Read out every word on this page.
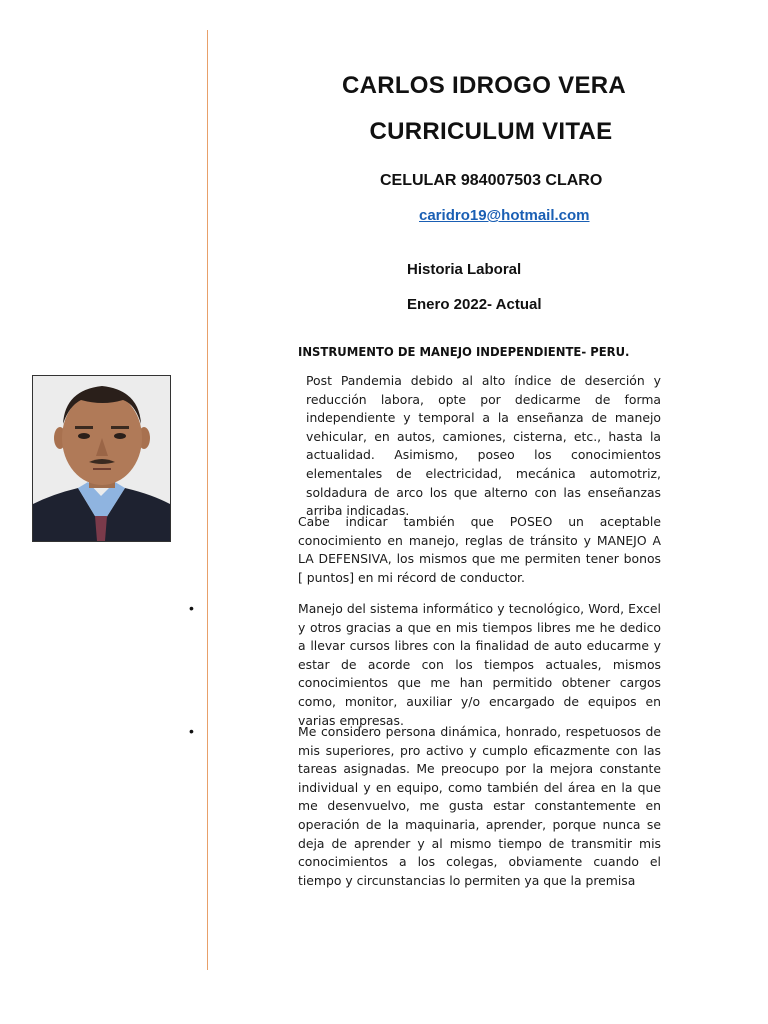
CARLOS IDROGO VERA
CURRICULUM VITAE
CELULAR 984007503 CLARO
caridro19@hotmail.com
Historia Laboral
Enero 2022- Actual
INSTRUMENTO DE MANEJO INDEPENDIENTE- PERU.
Post Pandemia debido al alto índice de deserción y reducción labora, opte por dedicarme de forma independiente y temporal a la enseñanza de manejo vehicular, en autos, camiones, cisterna, etc., hasta la actualidad. Asimismo, poseo los conocimientos elementales de electricidad, mecánica automotriz, soldadura de arco los que alterno con las enseñanzas arriba indicadas.
Cabe indicar también que POSEO un aceptable conocimiento en manejo, reglas de tránsito y MANEJO A LA DEFENSIVA, los mismos que me permiten tener bonos [ puntos] en mi récord de conductor.
•	Manejo del sistema informático y tecnológico, Word, Excel y otros gracias a que en mis tiempos libres me he dedico a llevar cursos libres con la finalidad de auto educarme y estar de acorde con los tiempos actuales, mismos conocimientos que me han permitido obtener cargos como, monitor, auxiliar y/o encargado de equipos en varias empresas.
•	Me considero persona dinámica, honrado, respetuosos de mis superiores, pro activo y cumplo eficazmente con las tareas asignadas. Me preocupo por la mejora constante individual y en equipo, como también del área en la que me desenvuelvo, me gusta estar constantemente en operación de la maquinaria, aprender, porque nunca se deja de aprender y al mismo tiempo de transmitir mis conocimientos a los colegas, obviamente cuando el tiempo y circunstancias lo permiten ya que la premisa
